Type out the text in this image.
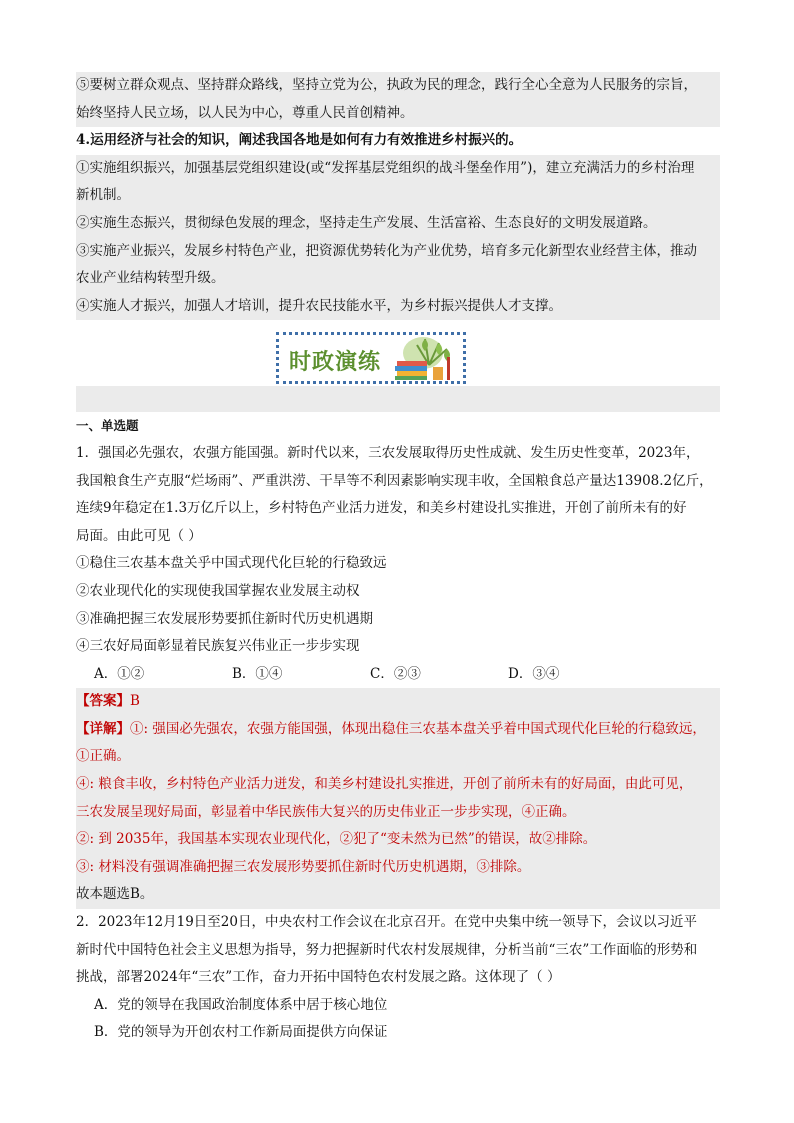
⑤要树立群众观点、坚持群众路线，坚持立党为公，执政为民的理念，践行全心全意为人民服务的宗旨，
始终坚持人民立场，以人民为中心，尊重人民首创精神。
4.运用经济与社会的知识，阐述我国各地是如何有力有效推进乡村振兴的。
①实施组织振兴，加强基层党组织建设(或“发挥基层党组织的战斗堡垒作用”)，建立充满活力的乡村治理
新机制。
②实施生态振兴，贯彻绿色发展的理念，坚持走生产发展、生活富裕、生态良好的文明发展道路。
③实施产业振兴，发展乡村特色产业，把资源优势转化为产业优势，培育多元化新型农业经营主体，推动
农业产业结构转型升级。
④实施人才振兴，加强人才培训，提升农民技能水平，为乡村振兴提供人才支撑。
时政演练
一、单选题
1．强国必先强农，农强方能国强。新时代以来，三农发展取得历史性成就、发生历史性变革，2023年，
我国粮食生产克服“烂场雨”、严重洪涝、干旱等不利因素影响实现丰收，全国粮食总产量达13908.2亿斤，
连续9年稳定在1.3万亿斤以上，乡村特色产业活力迸发，和美乡村建设扎实推进，开创了前所未有的好
局面。由此可见（ ）
①稳住三农基本盘关乎中国式现代化巨轮的行稳致远
②农业现代化的实现使我国掌握农业发展主动权
③准确把握三农发展形势要抓住新时代历史机遇期
④三农好局面彰显着民族复兴伟业正一步步实现
A．①②	B．①④	C．②③	D．③④
【答案】B
【详解】①: 强国必先强农，农强方能国强，体现出稳住三农基本盘关乎着中国式现代化巨轮的行稳致远，
①正确。
④: 粮食丰收，乡村特色产业活力迸发，和美乡村建设扎实推进，开创了前所未有的好局面，由此可见，
三农发展呈现好局面，彰显着中华民族伟大复兴的历史伟业正一步步实现，④正确。
②: 到 2035年，我国基本实现农业现代化，②犯了“变未然为已然”的错误，故②排除。
③: 材料没有强调准确把握三农发展形势要抓住新时代历史机遇期，③排除。
故本题选B。
2．2023年12月19日至20日，中央农村工作会议在北京召开。在党中央集中统一领导下，会议以习近平
新时代中国特色社会主义思想为指导，努力把握新时代农村发展规律，分析当前“三农”工作面临的形势和
挑战，部署2024年“三农”工作，奋力开拓中国特色农村发展之路。这体现了（ ）
A．党的领导在我国政治制度体系中居于核心地位
B．党的领导为开创农村工作新局面提供方向保证
